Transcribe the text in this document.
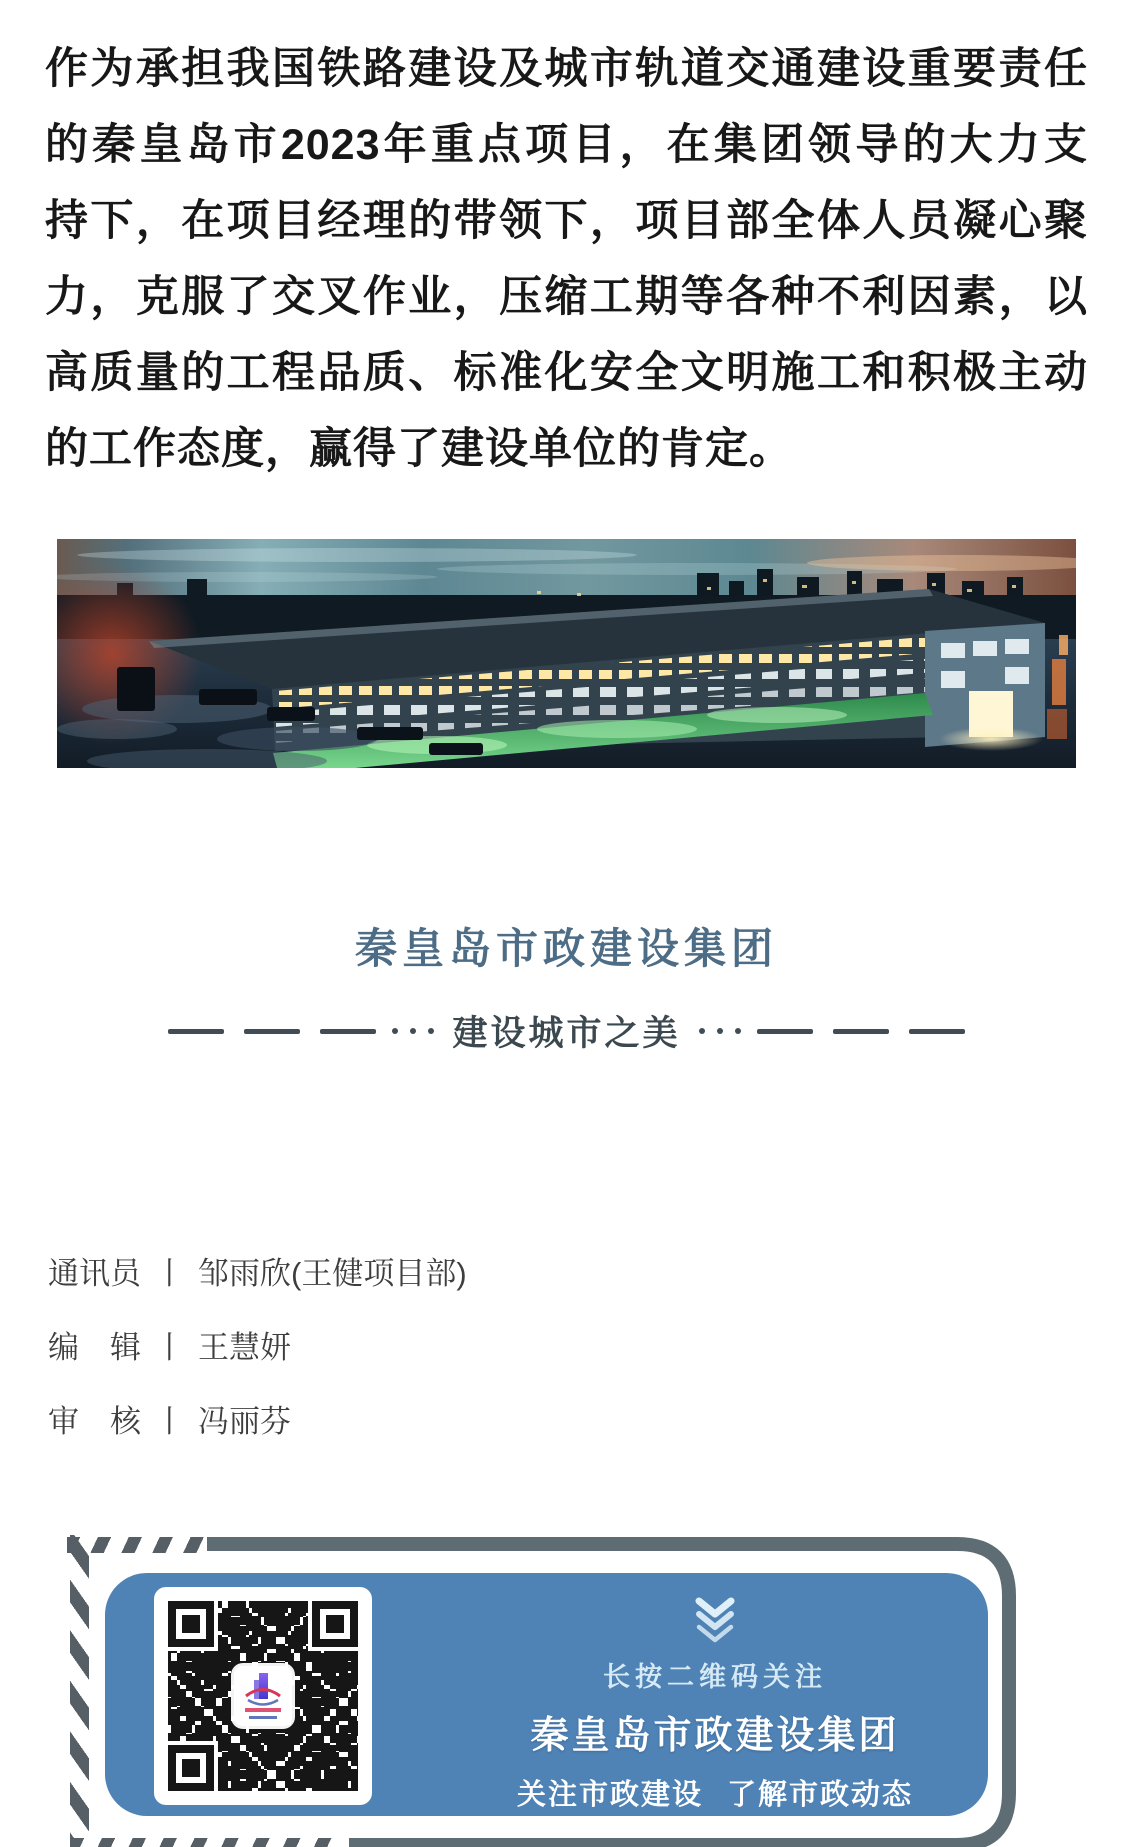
作为承担我国铁路建设及城市轨道交通建设重要责任
的秦皇岛市2023年重点项目，在集团领导的大力支
持下，在项目经理的带领下，项目部全体人员凝心聚
力，克服了交叉作业，压缩工期等各种不利因素，以
高质量的工程品质、标准化安全文明施工和积极主动
的工作态度，赢得了建设单位的肯定。
秦皇岛市政建设集团
建设城市之美
通讯员 丨 邹雨欣(王健项目部)
编　辑 丨 王慧妍
审　核 丨 冯丽芬
长按二维码关注
秦皇岛市政建设集团
关注市政建设 了解市政动态
